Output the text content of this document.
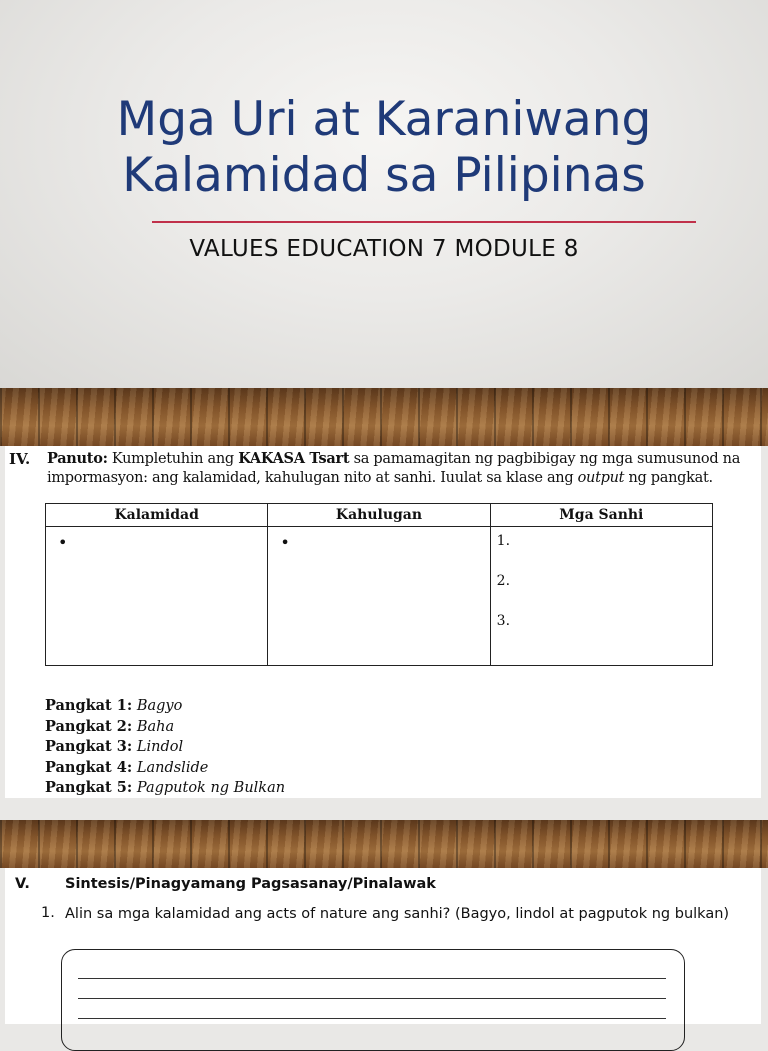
Mga Uri at Karaniwang
Kalamidad sa Pilipinas
VALUES EDUCATION 7 MODULE 8
IV. Panuto: Kumpletuhin ang KAKASA Tsart sa pamamagitan ng pagbibigay ng mga sumusunod na impormasyon: ang kalamidad, kahulugan nito at sanhi. Iuulat sa klase ang output ng pangkat.
Kalamidad	Kahulugan	Mga Sanhi

•	•	1.
2.
3.
Pangkat 1: Bagyo
Pangkat 2: Baha
Pangkat 3: Lindol
Pangkat 4: Landslide
Pangkat 5: Pagputok ng Bulkan
V. Sintesis/Pinagyamang Pagsasanay/Pinalawak
1. Alin sa mga kalamidad ang acts of nature ang sanhi? (Bagyo, lindol at pagputok ng bulkan)
